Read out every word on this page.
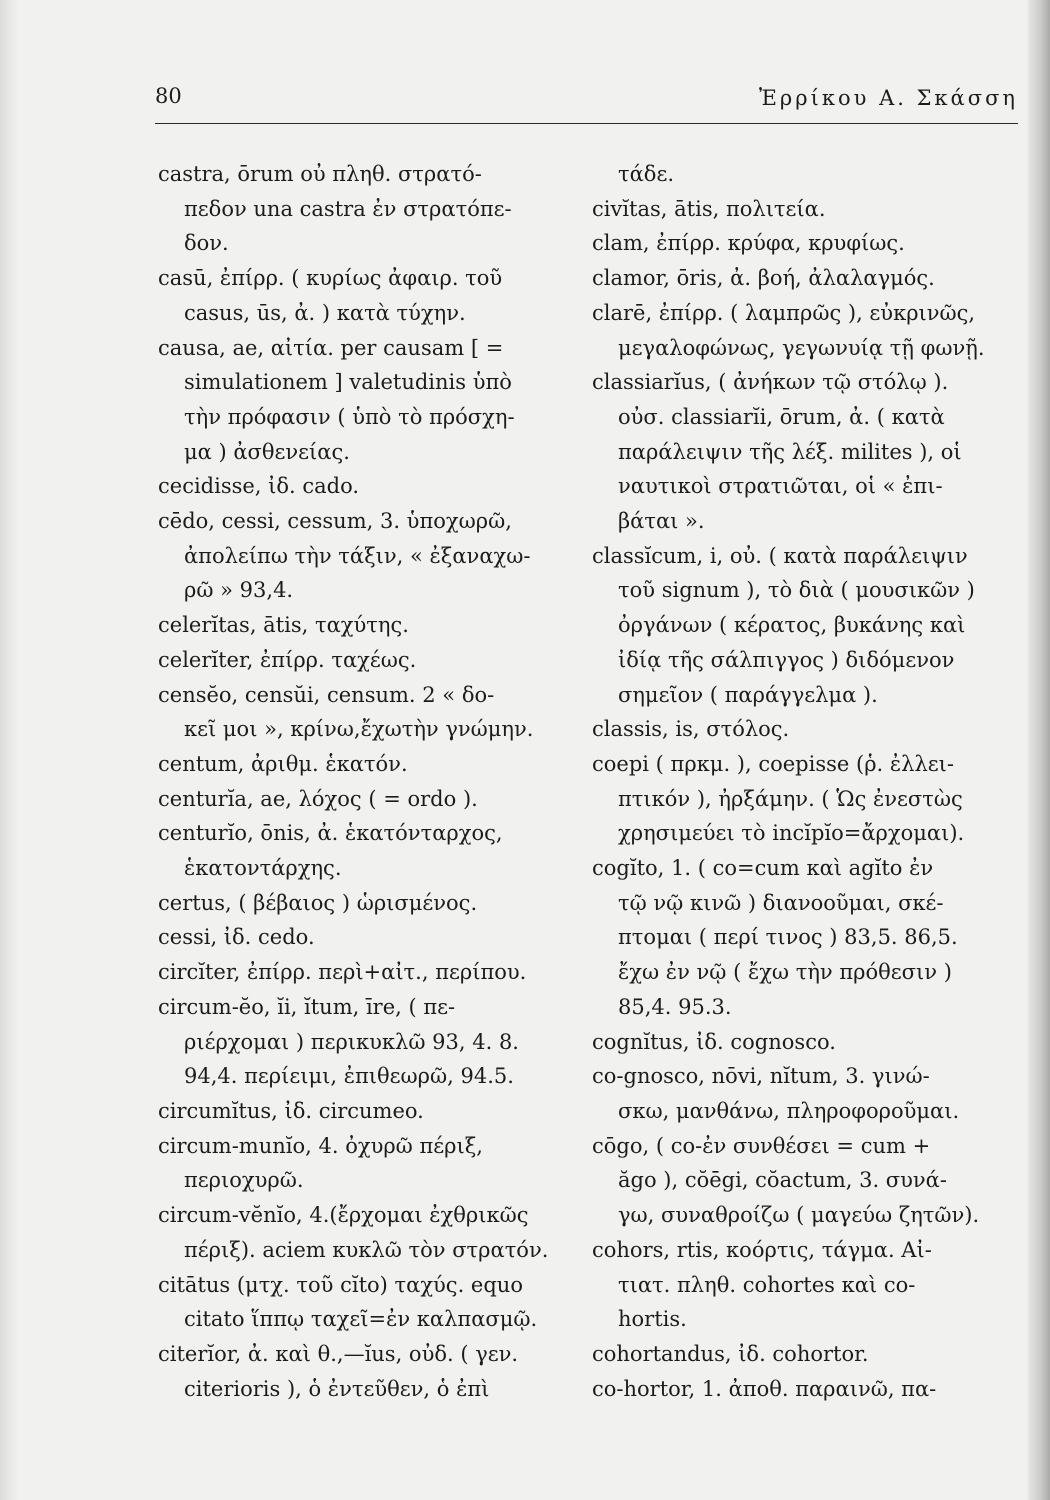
80	Ἐρρίκου Α. Σκάσση
castra, ōrum οὐ πληθ. στρατό-
πεδον una castra ἐν στρατόπε-
δον.
casū, ἐπίρρ. ( κυρίως ἀφαιρ. τοῦ
casus, ūs, ἀ. ) κατὰ τύχην.
causa, ae, αἰτία. per causam [ =
simulationem ] valetudinis ὑπὸ
τὴν πρόφασιν ( ὑπὸ τὸ πρόσχη-
μα ) ἀσθενείας.
cecidisse, ἰδ. cado.
cēdo, cessi, cessum, 3. ὑποχωρῶ,
ἀπολείπω τὴν τάξιν, « ἐξαναχω-
ρῶ » 93,4.
celerĭtas, ātis, ταχύτης.
celerĭter, ἐπίρρ. ταχέως.
censĕo, censŭi, censum. 2 « δο-
κεῖ μοι », κρίνω,ἔχωτὴν γνώμην.
centum, ἀριθμ. ἑκατόν.
centurĭa, ae, λόχος ( = ordo ).
centurĭo, ōnis, ἀ. ἑκατόνταρχος,
ἑκατοντάρχης.
certus, ( βέβαιος ) ὡρισμένος.
cessi, ἰδ. cedo.
circĭter, ἐπίρρ. περὶ+αἰτ., περίπου.
circum-ĕo, ĭi, ĭtum, īre, ( πε-
ριέρχομαι ) περικυκλῶ 93, 4. 8.
94,4. περίειμι, ἐπιθεωρῶ, 94.5.
circumĭtus, ἰδ. circumeo.
circum-munĭo, 4. ὀχυρῶ πέριξ,
περιοχυρῶ.
circum-vĕnĭo, 4.(ἔρχομαι ἐχθρικῶς
πέριξ). aciem κυκλῶ τὸν στρατόν.
citātus (μτχ. τοῦ cĭto) ταχύς. equo
citato ἵππῳ ταχεῖ=ἐν καλπασμῷ.
citerĭor, ἀ. καὶ θ.,—ĭus, οὐδ. ( γεν.
citerioris ), ὁ ἐντεῦθεν, ὁ ἐπὶ
τάδε.
civĭtas, ātis, πολιτεία.
clam, ἐπίρρ. κρύφα, κρυφίως.
clamor, ōris, ἀ. βοή, ἀλαλαγμός.
clarē, ἐπίρρ. ( λαμπρῶς ), εὐκρινῶς,
μεγαλοφώνως, γεγωνυίᾳ τῇ φωνῇ.
classiarĭus, ( ἀνήκων τῷ στόλῳ ).
οὐσ. classiarĭi, ōrum, ἀ. ( κατὰ
παράλειψιν τῆς λέξ. milites ), οἱ
ναυτικοὶ στρατιῶται, οἱ « ἐπι-
βάται ».
classĭcum, i, οὐ. ( κατὰ παράλειψιν
τοῦ signum ), τὸ διὰ ( μουσικῶν )
ὀργάνων ( κέρατος, βυκάνης καὶ
ἰδίᾳ τῆς σάλπιγγος ) διδόμενον
σημεῖον ( παράγγελμα ).
classis, is, στόλος.
coepi ( πρκμ. ), coepisse (ῥ. ἐλλει-
πτικόν ), ἠρξάμην. ( Ὡς ἐνεστὼς
χρησιμεύει τὸ incĭpĭo=ἄρχομαι).
cogĭto, 1. ( co=cum καὶ agĭto ἐν
τῷ νῷ κινῶ ) διανοοῦμαι, σκέ-
πτομαι ( περί τινος ) 83,5. 86,5.
ἔχω ἐν νῷ ( ἔχω τὴν πρόθεσιν )
85,4. 95.3.
cognĭtus, ἰδ. cognosco.
co-gnosco, nōvi, nĭtum, 3. γινώ-
σκω, μανθάνω, πληροφοροῦμαι.
cōgo, ( co-ἐν συνθέσει = cum +
ăgo ), cŏēgi, cŏactum, 3. συνά-
γω, συναθροίζω ( μαγεύω ζητῶν).
cohors, rtis, κοόρτις, τάγμα. Αἰ-
τιατ. πληθ. cohortes καὶ co-
hortis.
cohortandus, ἰδ. cohortor.
co-hortor, 1. ἀποθ. παραινῶ, πα-
